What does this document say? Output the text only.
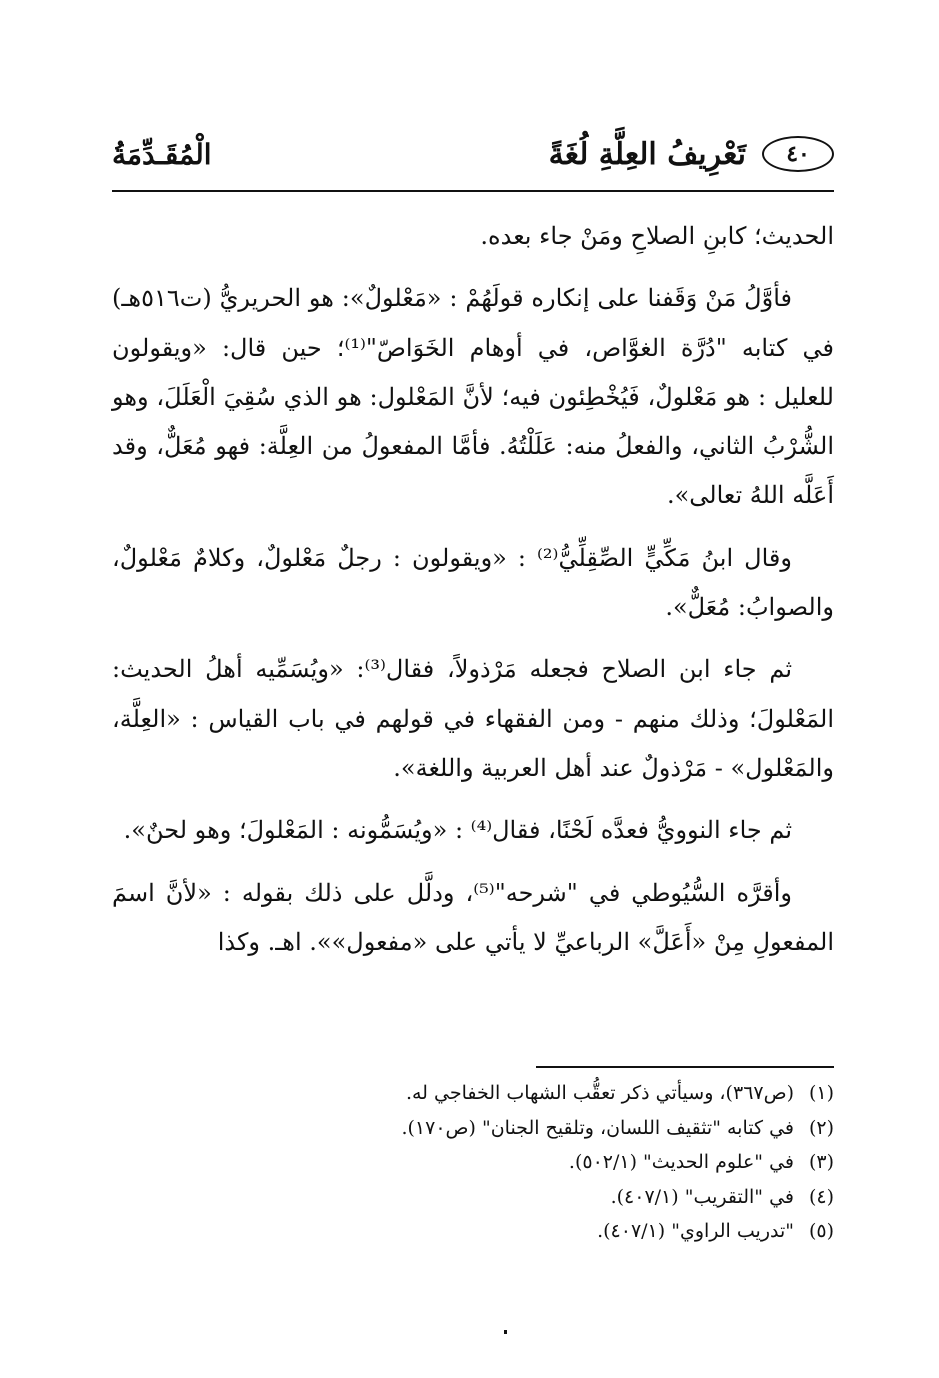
٤٠
تَعْرِيفُ العِلَّةِ لُغَةً
الْمُقَـدِّمَةُ

الحديث؛ كابنِ الصلاحِ ومَنْ جاء بعده.

فأوَّلُ مَنْ وَقَفنا على إنكاره قولَهُمْ : «مَعْلولٌ»: هو الحريريُّ (ت٥١٦هـ) في كتابه "دُرَّة الغوَّاص، في أوهام الخَوَاصّ"⁽¹⁾؛ حين قال: «ويقولون للعليل : هو مَعْلولٌ، فَيُخْطِئون فيه؛ لأنَّ المَعْلول: هو الذي سُقِيَ الْعَلَلَ، وهو الشُّرْبُ الثاني، والفعلُ منه: عَلَلْتُهُ. فأمَّا المفعولُ من العِلَّة: فهو مُعَلٌّ، وقد أَعَلَّه اللهُ تعالى».

وقال ابنُ مَكِّيٍّ الصِّقِلِّيُّ⁽²⁾ : «ويقولون : رجلٌ مَعْلولٌ، وكلامٌ مَعْلولٌ، والصوابُ: مُعَلٌّ».

ثم جاء ابن الصلاح فجعله مَرْذولاً، فقال⁽³⁾: «ويُسَمِّيه أهلُ الحديث: المَعْلولَ؛ وذلك منهم - ومن الفقهاء في قولهم في باب القياس : «العِلَّة، والمَعْلول» - مَرْذولٌ عند أهل العربية واللغة».

ثم جاء النوويُّ فعدَّه لَحْنًا، فقال⁽⁴⁾ : «ويُسَمُّونه : المَعْلولَ؛ وهو لحنٌ».

وأقرَّه السُّيُوطي في "شرحه"⁽⁵⁾، ودلَّل على ذلك بقوله : «لأنَّ اسمَ المفعولِ مِنْ «أَعَلَّ» الرباعيِّ لا يأتي على «مفعول»». اهـ. وكذا

(١)
(ص٣٦٧)، وسيأتي ذكر تعقُّب الشهاب الخفاجي له.
(٢)
في كتابه "تثقيف اللسان، وتلقيح الجنان" (ص١٧٠).
(٣)
في "علوم الحديث" (٥٠٢/١).
(٤)
في "التقريب" (٤٠٧/١).
(٥)
"تدريب الراوي" (٤٠٧/١).
